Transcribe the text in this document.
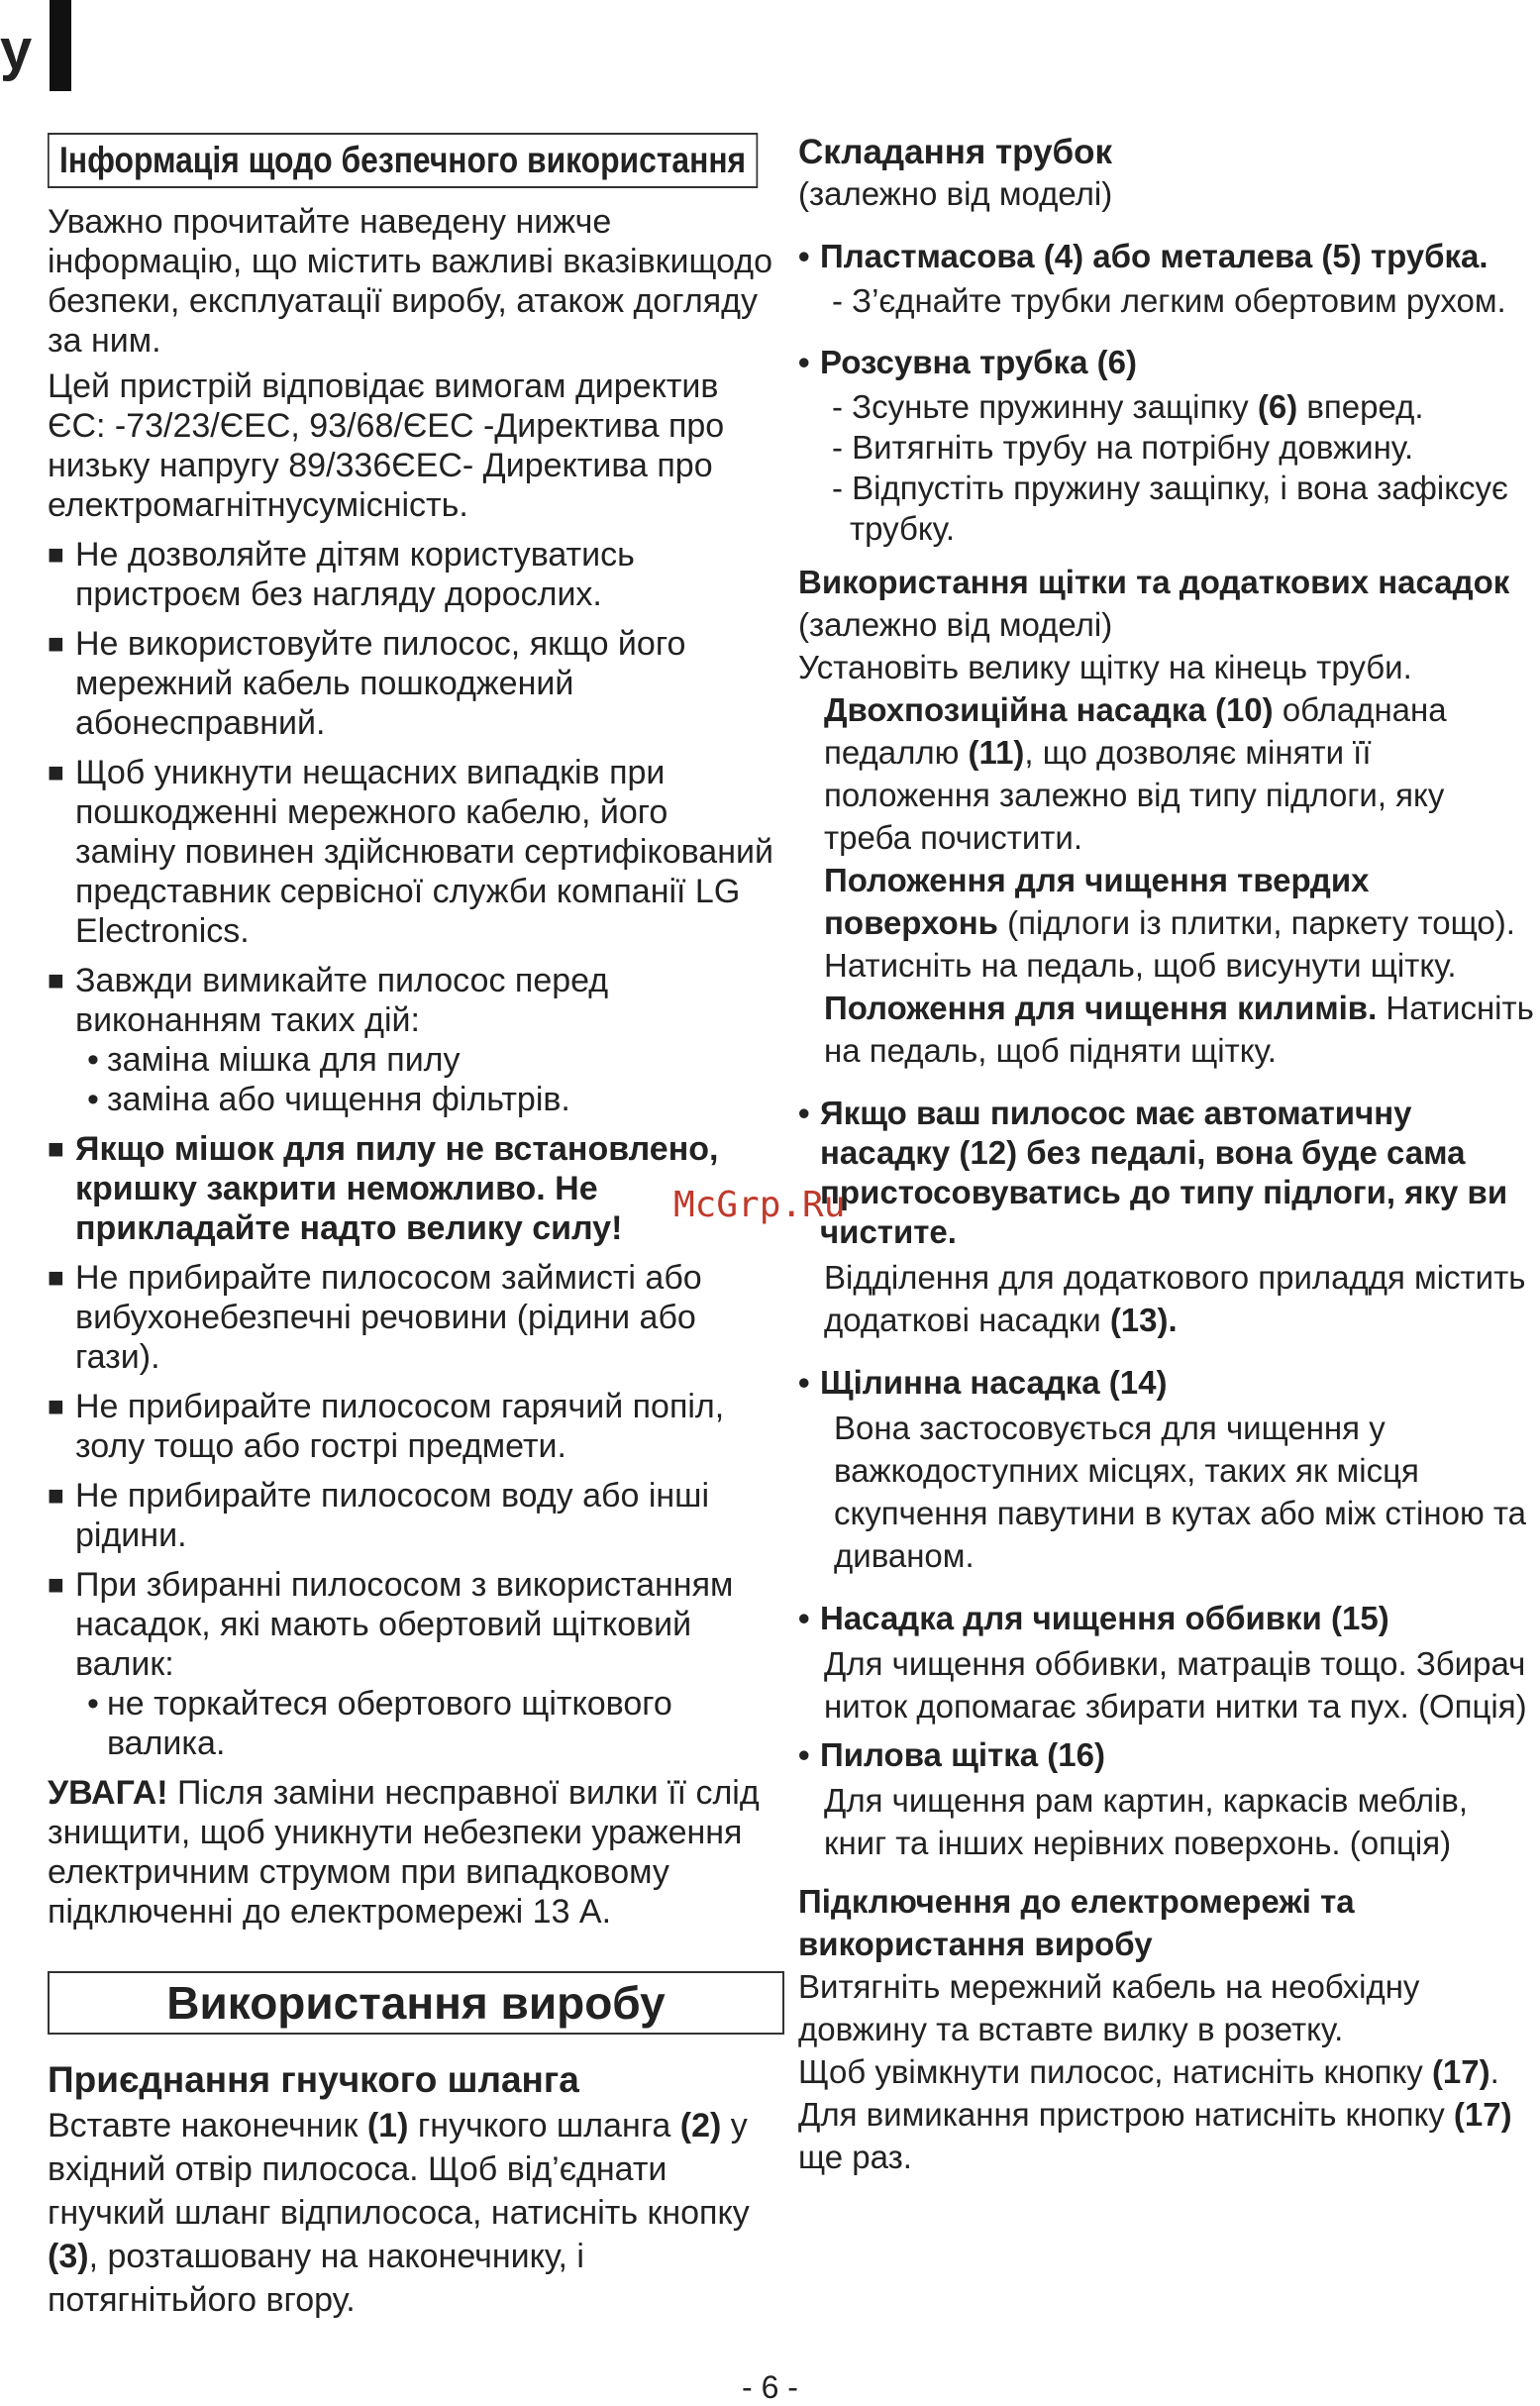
у
Інформація щодо безпечного використання

Уважно прочитайте наведену нижче інформацію, що містить важливі вказівкищодо безпеки, експлуатації виробу, атакож догляду за ним.

Цей пристрій відповідає вимогам директив ЄС: -73/23/ЄЕС, 93/68/ЄЕС -Директива про низьку напругу 89/336ЄЕС- Директива про електромагнітнусумісність.

■ Не дозволяйте дітям користуватись пристроєм без нагляду дорослих.
■ Не використовуйте пилосос, якщо його мережний кабель пошкоджений абонесправний.
■ Щоб уникнути нещасних випадків при пошкодженні мережного кабелю, його заміну повинен здійснювати сертифікований представник сервісної служби компанії LG Electronics.
■ Завжди вимикайте пилосос перед виконанням таких дій:
• заміна мішка для пилу
• заміна або чищення фільтрів.
■ Якщо мішок для пилу не встановлено, кришку закрити неможливо. Не прикладайте надто велику силу!
■ Не прибирайте пилососом займисті або вибухонебезпечні речовини (рідини або гази).
■ Не прибирайте пилососом гарячий попіл, золу тощо або гострі предмети.
■ Не прибирайте пилососом воду або інші рідини.
■ При збиранні пилососом з використанням насадок, які мають обертовий щітковий валик:
• не торкайтеся обертового щіткового валика.

УВАГА! Після заміни несправної вилки її слід знищити, щоб уникнути небезпеки ураження електричним струмом при випадковому підключенні до електромережі 13 А.

Використання виробу
Приєднання гнучкого шланга

Вставте наконечник (1) гнучкого шланга (2) у вхідний отвір пилососа. Щоб від’єднати гнучкий шланг відпилососа, натисніть кнопку (3), розташовану на наконечнику, і потягнітьйого вгору.

Складання трубок

(залежно від моделі)

• Пластмасова (4) або металева (5) трубка.

- З’єднайте трубки легким обертовим рухом.

• Розсувна трубка (6)

- Зсуньте пружинну защіпку (6) вперед.

- Витягніть трубу на потрібну довжину.

- Відпустіть пружину защіпку, і вона зафіксує трубку.

Використання щітки та додаткових насадок (залежно від моделі)

Установіть велику щітку на кінець труби.

Двохпозиційна насадка (10) обладнана педаллю (11), що дозволяє міняти її положення залежно від типу підлоги, яку треба почистити.

Положення для чищення твердих поверхонь (підлоги із плитки, паркету тощо). Натисніть на педаль, щоб висунути щітку. Положення для чищення килимів. Натисніть на педаль, щоб підняти щітку.

• Якщо ваш пилосос має автоматичну насадку (12) без педалі, вона буде сама пристосовуватись до типу підлоги, яку ви чистите.

Відділення для додаткового приладдя містить додаткові насадки (13).

• Щілинна насадка (14)

Вона застосовується для чищення у важкодоступних місцях, таких як місця скупчення павутини в кутах або між стіною та диваном.

• Насадка для чищення оббивки (15)

Для чищення оббивки, матраців тощо. Збирач ниток допомагає збирати нитки та пух. (Опція)

• Пилова щітка (16)

Для чищення рам картин, каркасів меблів, книг та інших нерівних поверхонь. (опція)

Підключення до електромережі та використання виробу

Витягніть мережний кабель на необхідну довжину та вставте вилку в розетку.

Щоб увімкнути пилосос, натисніть кнопку (17).

Для вимикання пристрою натисніть кнопку (17) ще раз.

McGrp.Ru
- 6 -
